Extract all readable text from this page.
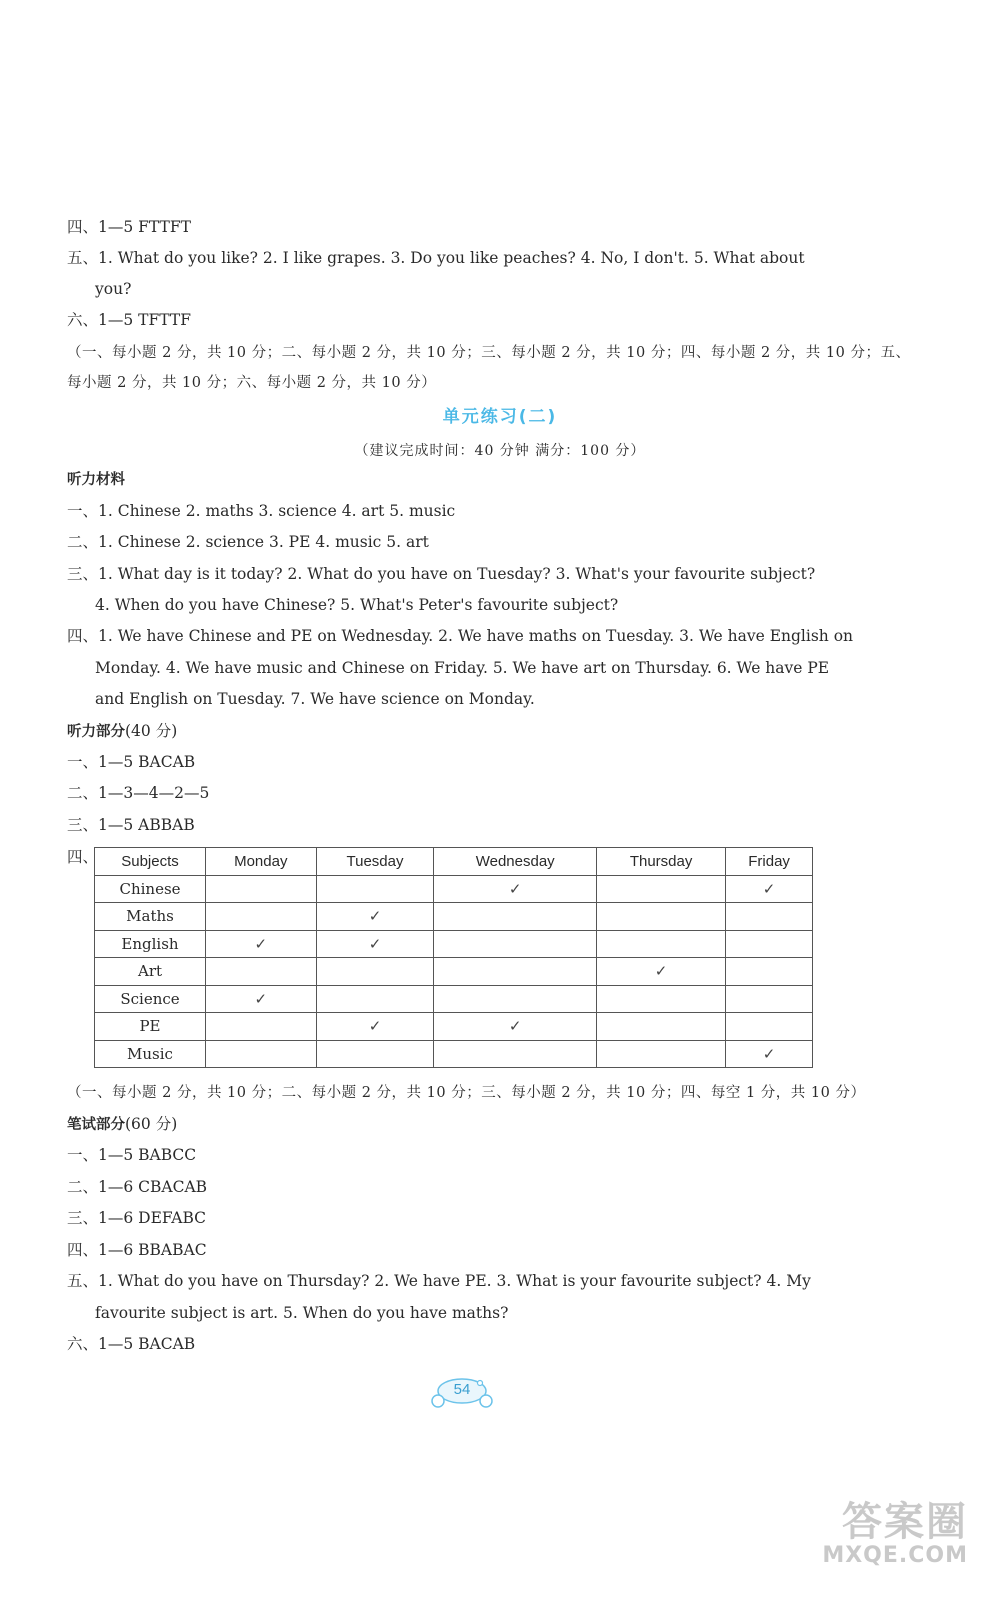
四、1—5 FTTFT
五、1. What do you like? 2. I like grapes. 3. Do you like peaches? 4. No, I don't. 5. What about
you?
六、1—5 TFTTF
（一、每小题 2 分，共 10 分；二、每小题 2 分，共 10 分；三、每小题 2 分，共 10 分；四、每小题 2 分，共 10 分；五、
每小题 2 分，共 10 分；六、每小题 2 分，共 10 分）
单元练习(二)
（建议完成时间：40 分钟 满分：100 分）
听力材料
一、1. Chinese 2. maths 3. science 4. art 5. music
二、1. Chinese 2. science 3. PE 4. music 5. art
三、1. What day is it today? 2. What do you have on Tuesday? 3. What's your favourite subject?
4. When do you have Chinese? 5. What's Peter's favourite subject?
四、1. We have Chinese and PE on Wednesday. 2. We have maths on Tuesday. 3. We have English on
Monday. 4. We have music and Chinese on Friday. 5. We have art on Thursday. 6. We have PE
and English on Tuesday. 7. We have science on Monday.
听力部分(40 分)
一、1—5 BACAB
二、1—3—4—2—5
三、1—5 ABBAB
四、 Subjects	Monday	Tuesday	Wednesday	Thursday	Friday
Chinese			✓		✓
Maths		✓			
English	✓	✓			
Art				✓	
Science	✓				
PE		✓	✓		
Music					✓
（一、每小题 2 分，共 10 分；二、每小题 2 分，共 10 分；三、每小题 2 分，共 10 分；四、每空 1 分，共 10 分）
笔试部分(60 分)
一、1—5 BABCC
二、1—6 CBACAB
三、1—6 DEFABC
四、1—6 BBABAC
五、1. What do you have on Thursday? 2. We have PE. 3. What is your favourite subject? 4. My
favourite subject is art. 5. When do you have maths?
六、1—5 BACAB
54
答案圈
MXQE.COM
